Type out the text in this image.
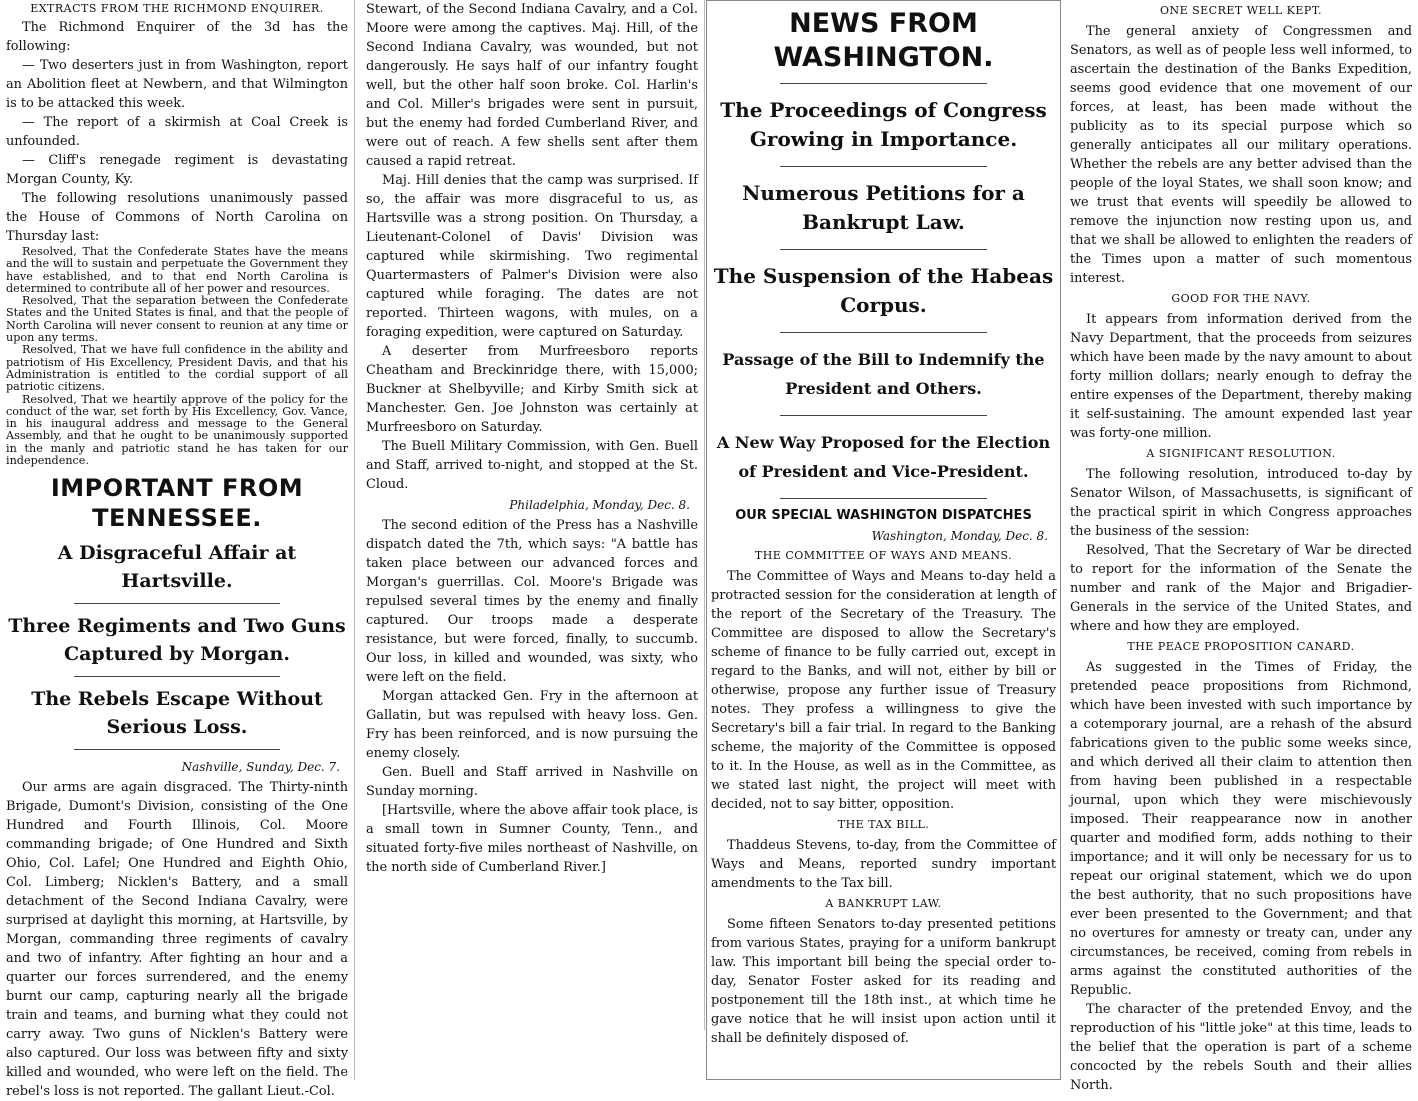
EXTRACTS FROM THE RICHMOND ENQUIRER.

The Richmond Enquirer of the 3d has the following:

— Two deserters just in from Washington, report an Abolition fleet at Newbern, and that Wilmington is to be attacked this week.

— The report of a skirmish at Coal Creek is unfounded.

— Cliff's renegade regiment is devastating Morgan County, Ky.

The following resolutions unanimously passed the House of Commons of North Carolina on Thursday last:

Resolved, That the Confederate States have the means and the will to sustain and perpetuate the Government they have established, and to that end North Carolina is determined to contribute all of her power and resources.

Resolved, That the separation between the Confederate States and the United States is final, and that the people of North Carolina will never consent to reunion at any time or upon any terms.

Resolved, That we have full confidence in the ability and patriotism of His Excellency, President Davis, and that his Administration is entitled to the cordial support of all patriotic citizens.

Resolved, That we heartily approve of the policy for the conduct of the war, set forth by His Excellency, Gov. Vance, in his inaugural address and message to the General Assembly, and that he ought to be unanimously supported in the manly and patriotic stand he has taken for our independence.

IMPORTANT FROM TENNESSEE.
A Disgraceful Affair at Hartsville.
Three Regiments and Two Guns Captured by Morgan.
The Rebels Escape Without Serious Loss.
Nashville, Sunday, Dec. 7.

Our arms are again disgraced. The Thirty-ninth Brigade, Dumont's Division, consisting of the One Hundred and Fourth Illinois, Col. Moore commanding brigade; of One Hundred and Sixth Ohio, Col. Lafel; One Hundred and Eighth Ohio, Col. Limberg; Nicklen's Battery, and a small detachment of the Second Indiana Cavalry, were surprised at daylight this morning, at Hartsville, by Morgan, commanding three regiments of cavalry and two of infantry. After fighting an hour and a quarter our forces surrendered, and the enemy burnt our camp, capturing nearly all the brigade train and teams, and burning what they could not carry away. Two guns of Nicklen's Battery were also captured. Our loss was between fifty and sixty killed and wounded, who were left on the field. The rebel's loss is not reported. The gallant Lieut.-Col.

Stewart, of the Second Indiana Cavalry, and a Col. Moore were among the captives. Maj. Hill, of the Second Indiana Cavalry, was wounded, but not dangerously. He says half of our infantry fought well, but the other half soon broke. Col. Harlin's and Col. Miller's brigades were sent in pursuit, but the enemy had forded Cumberland River, and were out of reach. A few shells sent after them caused a rapid retreat.

Maj. Hill denies that the camp was surprised. If so, the affair was more disgraceful to us, as Hartsville was a strong position. On Thursday, a Lieutenant-Colonel of Davis' Division was captured while skirmishing. Two regimental Quartermasters of Palmer's Division were also captured while foraging. The dates are not reported. Thirteen wagons, with mules, on a foraging expedition, were captured on Saturday.

A deserter from Murfreesboro reports Cheatham and Breckinridge there, with 15,000; Buckner at Shelbyville; and Kirby Smith sick at Manchester. Gen. Joe Johnston was certainly at Murfreesboro on Saturday.

The Buell Military Commission, with Gen. Buell and Staff, arrived to-night, and stopped at the St. Cloud.

Philadelphia, Monday, Dec. 8.

The second edition of the Press has a Nashville dispatch dated the 7th, which says: "A battle has taken place between our advanced forces and Morgan's guerrillas. Col. Moore's Brigade was repulsed several times by the enemy and finally captured. Our troops made a desperate resistance, but were forced, finally, to succumb. Our loss, in killed and wounded, was sixty, who were left on the field.

Morgan attacked Gen. Fry in the afternoon at Gallatin, but was repulsed with heavy loss. Gen. Fry has been reinforced, and is now pursuing the enemy closely.

Gen. Buell and Staff arrived in Nashville on Sunday morning.

[Hartsville, where the above affair took place, is a small town in Sumner County, Tenn., and situated forty-five miles northeast of Nashville, on the north side of Cumberland River.]

NEWS FROM WASHINGTON.
The Proceedings of Congress Growing in Importance.
Numerous Petitions for a Bankrupt Law.
The Suspension of the Habeas Corpus.
Passage of the Bill to Indemnify the President and Others.
A New Way Proposed for the Election of President and Vice-President.
OUR SPECIAL WASHINGTON DISPATCHES
Washington, Monday, Dec. 8.
THE COMMITTEE OF WAYS AND MEANS.

The Committee of Ways and Means to-day held a protracted session for the consideration at length of the report of the Secretary of the Treasury. The Committee are disposed to allow the Secretary's scheme of finance to be fully carried out, except in regard to the Banks, and will not, either by bill or otherwise, propose any further issue of Treasury notes. They profess a willingness to give the Secretary's bill a fair trial. In regard to the Banking scheme, the majority of the Committee is opposed to it. In the House, as well as in the Committee, as we stated last night, the project will meet with decided, not to say bitter, opposition.

THE TAX BILL.

Thaddeus Stevens, to-day, from the Committee of Ways and Means, reported sundry important amendments to the Tax bill.

A BANKRUPT LAW.

Some fifteen Senators to-day presented petitions from various States, praying for a uniform bankrupt law. This important bill being the special order to-day, Senator Foster asked for its reading and postponement till the 18th inst., at which time he gave notice that he will insist upon action until it shall be definitely disposed of.

ONE SECRET WELL KEPT.

The general anxiety of Congressmen and Senators, as well as of people less well informed, to ascertain the destination of the Banks Expedition, seems good evidence that one movement of our forces, at least, has been made without the publicity as to its special purpose which so generally anticipates all our military operations. Whether the rebels are any better advised than the people of the loyal States, we shall soon know; and we trust that events will speedily be allowed to remove the injunction now resting upon us, and that we shall be allowed to enlighten the readers of the Times upon a matter of such momentous interest.

GOOD FOR THE NAVY.

It appears from information derived from the Navy Department, that the proceeds from seizures which have been made by the navy amount to about forty million dollars; nearly enough to defray the entire expenses of the Department, thereby making it self-sustaining. The amount expended last year was forty-one million.

A SIGNIFICANT RESOLUTION.

The following resolution, introduced to-day by Senator Wilson, of Massachusetts, is significant of the practical spirit in which Congress approaches the business of the session:

Resolved, That the Secretary of War be directed to report for the information of the Senate the number and rank of the Major and Brigadier-Generals in the service of the United States, and where and how they are employed.

THE PEACE PROPOSITION CANARD.

As suggested in the Times of Friday, the pretended peace propositions from Richmond, which have been invested with such importance by a cotemporary journal, are a rehash of the absurd fabrications given to the public some weeks since, and which derived all their claim to attention then from having been published in a respectable journal, upon which they were mischievously imposed. Their reappearance now in another quarter and modified form, adds nothing to their importance; and it will only be necessary for us to repeat our original statement, which we do upon the best authority, that no such propositions have ever been presented to the Government; and that no overtures for amnesty or treaty can, under any circumstances, be received, coming from rebels in arms against the constituted authorities of the Republic.

The character of the pretended Envoy, and the reproduction of his "little joke" at this time, leads to the belief that the operation is part of a scheme concocted by the rebels South and their allies North.
